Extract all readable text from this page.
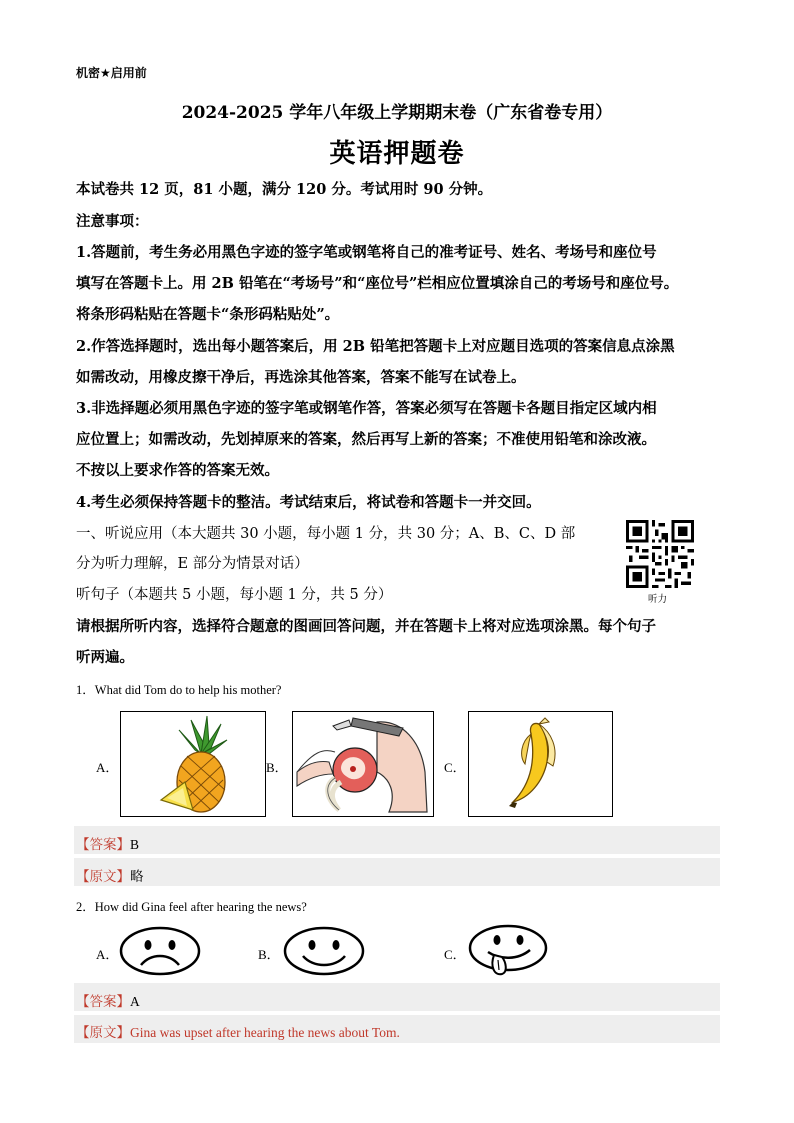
机密★启用前
2024-2025 学年八年级上学期期末卷（广东省卷专用）
英语押题卷
本试卷共 12 页，81 小题，满分 120 分。考试用时 90 分钟。
注意事项：
1.答题前，考生务必用黑色字迹的签字笔或钢笔将自己的准考证号、姓名、考场号和座位号
填写在答题卡上。用 2B 铅笔在“考场号”和“座位号”栏相应位置填涂自己的考场号和座位号。
将条形码粘贴在答题卡“条形码粘贴处”。
2.作答选择题时，选出每小题答案后，用 2B 铅笔把答题卡上对应题目选项的答案信息点涂黑
如需改动，用橡皮擦干净后，再选涂其他答案，答案不能写在试卷上。
3.非选择题必须用黑色字迹的签字笔或钢笔作答，答案必须写在答题卡各题目指定区域内相
应位置上；如需改动，先划掉原来的答案，然后再写上新的答案；不准使用铅笔和涂改液。
不按以上要求作答的答案无效。
4.考生必须保持答题卡的整洁。考试结束后，将试卷和答题卡一并交回。
一、听说应用（本大题共 30 小题，每小题 1 分，共 30 分；A、B、C、D 部
分为听力理解，E 部分为情景对话）
听句子（本题共 5 小题，每小题 1 分，共 5 分）
请根据所听内容，选择符合题意的图画回答问题，并在答题卡上将对应选项涂黑。每个句子
听两遍。
听力
1．What did Tom do to help his mother?
A．	B．	C．
【答案】B
【原文】略
2．How did Gina feel after hearing the news?
A．	B．	C．
【答案】A
【原文】Gina was upset after hearing the news about Tom.
